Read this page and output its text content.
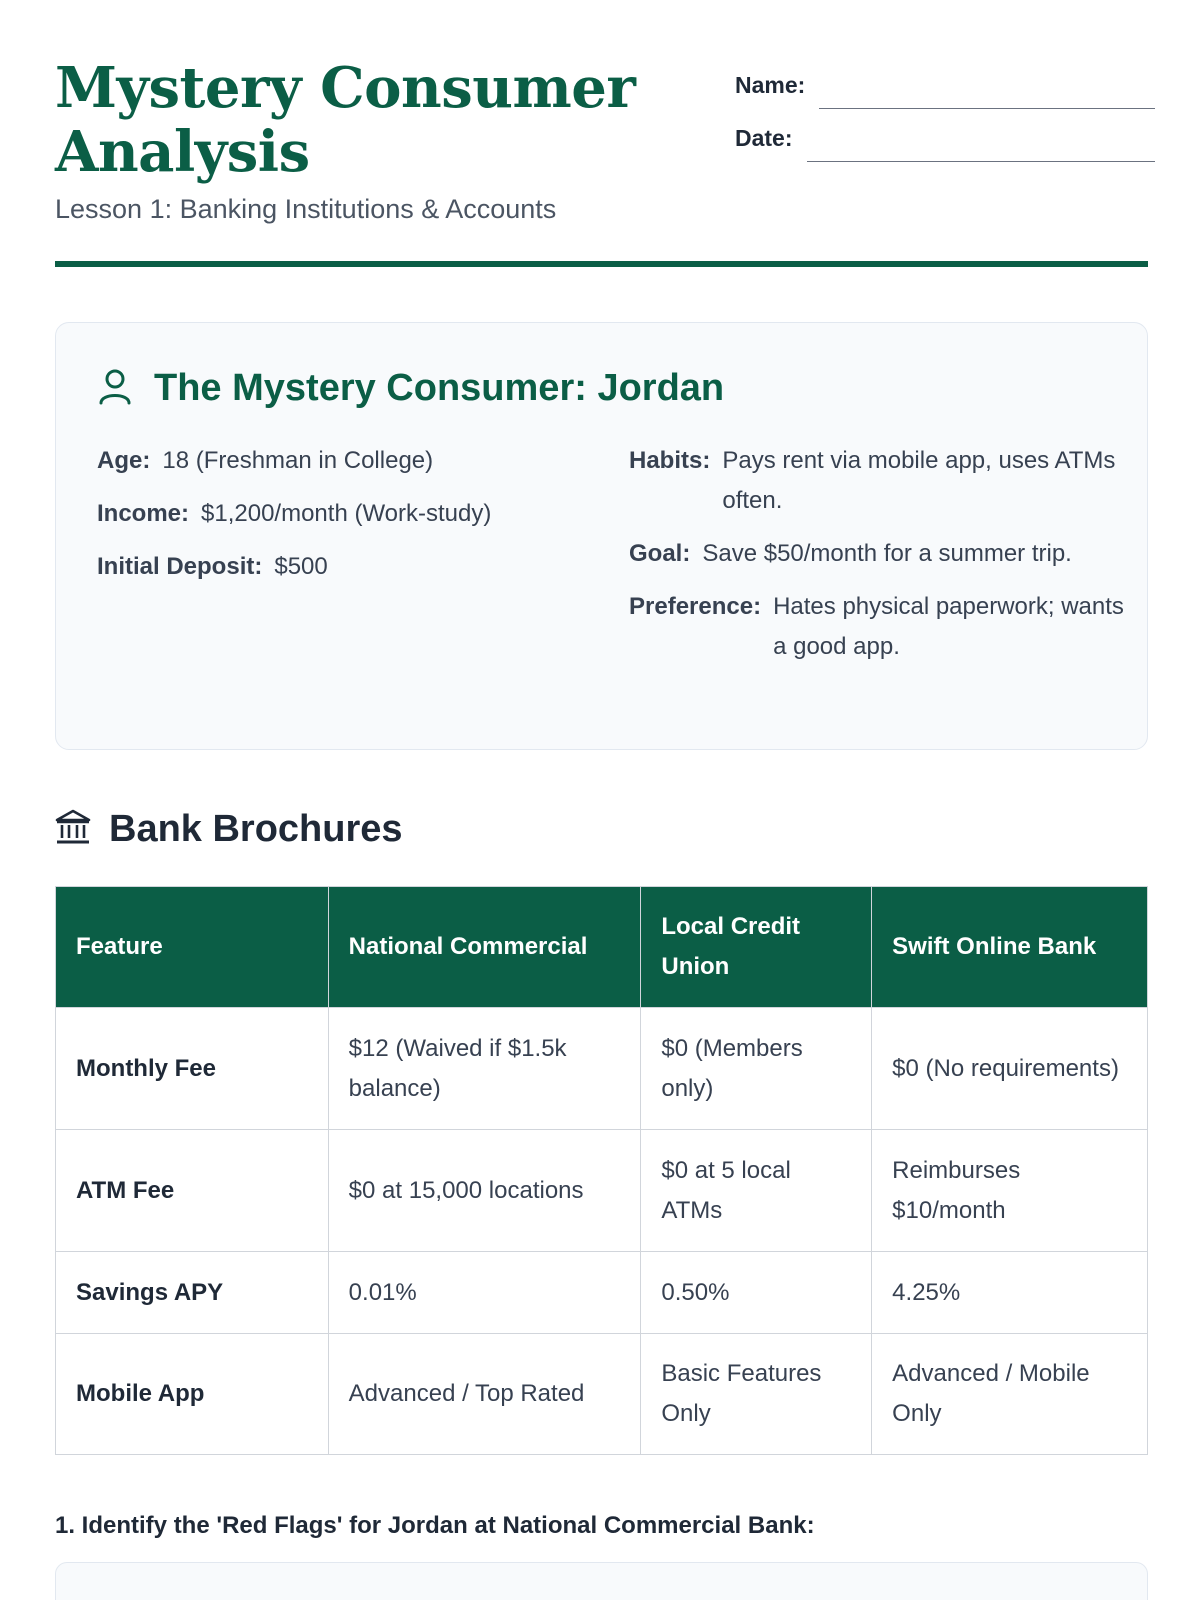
Mystery Consumer Analysis
Lesson 1: Banking Institutions & Accounts
Name:
Date:
The Mystery Consumer: Jordan
Age: 18 (Freshman in College)
Income: $1,200/month (Work-study)
Initial Deposit: $500
Habits: Pays rent via mobile app, uses ATMs often.
Goal: Save $50/month for a summer trip.
Preference: Hates physical paperwork; wants a good app.
Bank Brochures
Feature	National Commercial	Local Credit Union	Swift Online Bank
Monthly Fee	$12 (Waived if $1.5k balance)	$0 (Members only)	$0 (No requirements)
ATM Fee	$0 at 15,000 locations	$0 at 5 local ATMs	Reimburses $10/month
Savings APY	0.01%	0.50%	4.25%
Mobile App	Advanced / Top Rated	Basic Features Only	Advanced / Mobile Only
1. Identify the 'Red Flags' for Jordan at National Commercial Bank:
